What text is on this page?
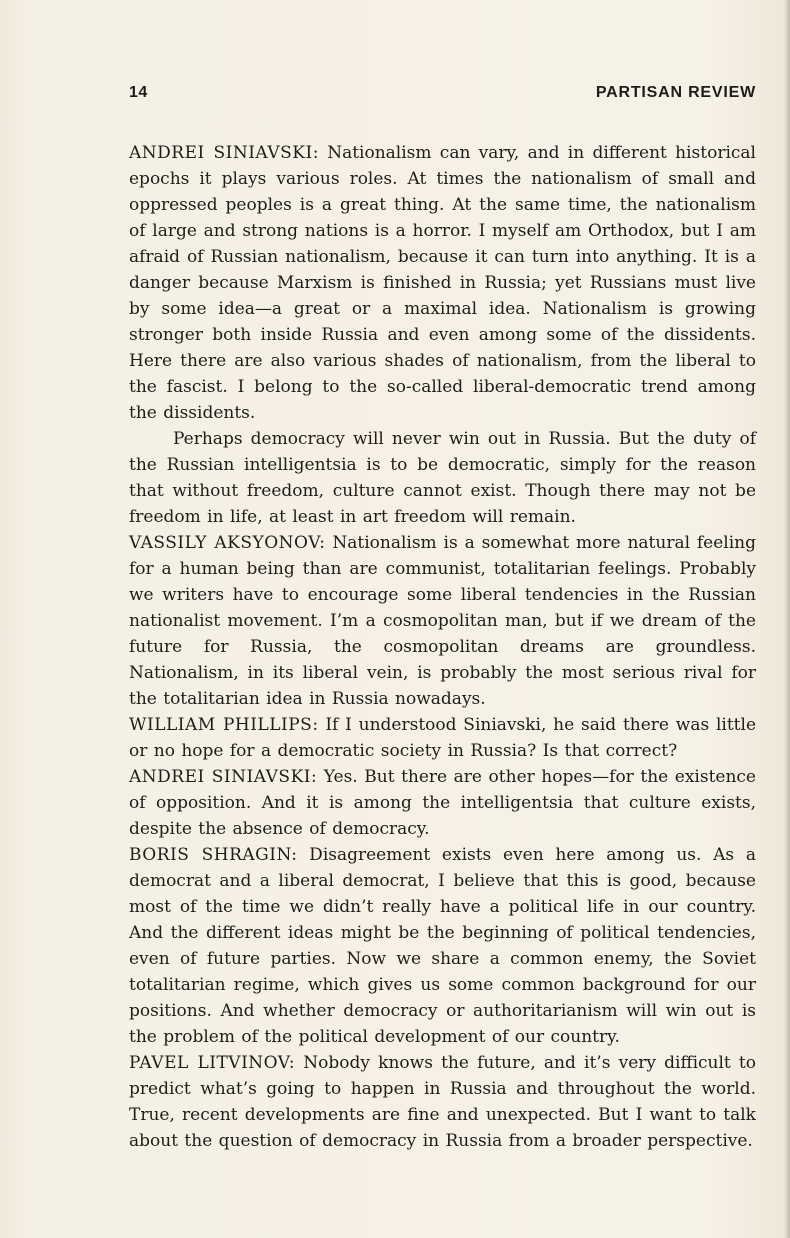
14	PARTISAN REVIEW

ANDREI SINIAVSKI: Nationalism can vary, and in different historical epochs it plays various roles. At times the nationalism of small and oppressed peoples is a great thing. At the same time, the nationalism of large and strong nations is a horror. I myself am Orthodox, but I am afraid of Russian nationalism, because it can turn into anything. It is a danger because Marxism is finished in Russia; yet Russians must live by some idea—a great or a maximal idea. Nationalism is growing stronger both inside Russia and even among some of the dissidents. Here there are also various shades of nationalism, from the liberal to the fascist. I belong to the so-called liberal-democratic trend among the dissidents.

Perhaps democracy will never win out in Russia. But the duty of the Russian intelligentsia is to be democratic, simply for the reason that without freedom, culture cannot exist. Though there may not be freedom in life, at least in art freedom will remain.

VASSILY AKSYONOV: Nationalism is a somewhat more natural feeling for a human being than are communist, totalitarian feelings. Probably we writers have to encourage some liberal tendencies in the Russian nationalist movement. I’m a cosmopolitan man, but if we dream of the future for Russia, the cosmopolitan dreams are groundless. Nationalism, in its liberal vein, is probably the most serious rival for the totalitarian idea in Russia nowadays.

WILLIAM PHILLIPS: If I understood Siniavski, he said there was little or no hope for a democratic society in Russia? Is that correct?

ANDREI SINIAVSKI: Yes. But there are other hopes—for the existence of opposition. And it is among the intelligentsia that culture exists, despite the absence of democracy.

BORIS SHRAGIN: Disagreement exists even here among us. As a democrat and a liberal democrat, I believe that this is good, because most of the time we didn’t really have a political life in our country. And the different ideas might be the beginning of political tendencies, even of future parties. Now we share a common enemy, the Soviet totalitarian regime, which gives us some common background for our positions. And whether democracy or authoritarianism will win out is the problem of the political development of our country.

PAVEL LITVINOV: Nobody knows the future, and it’s very difficult to predict what’s going to happen in Russia and throughout the world. True, recent developments are fine and unexpected. But I want to talk about the question of democracy in Russia from a broader perspective.
